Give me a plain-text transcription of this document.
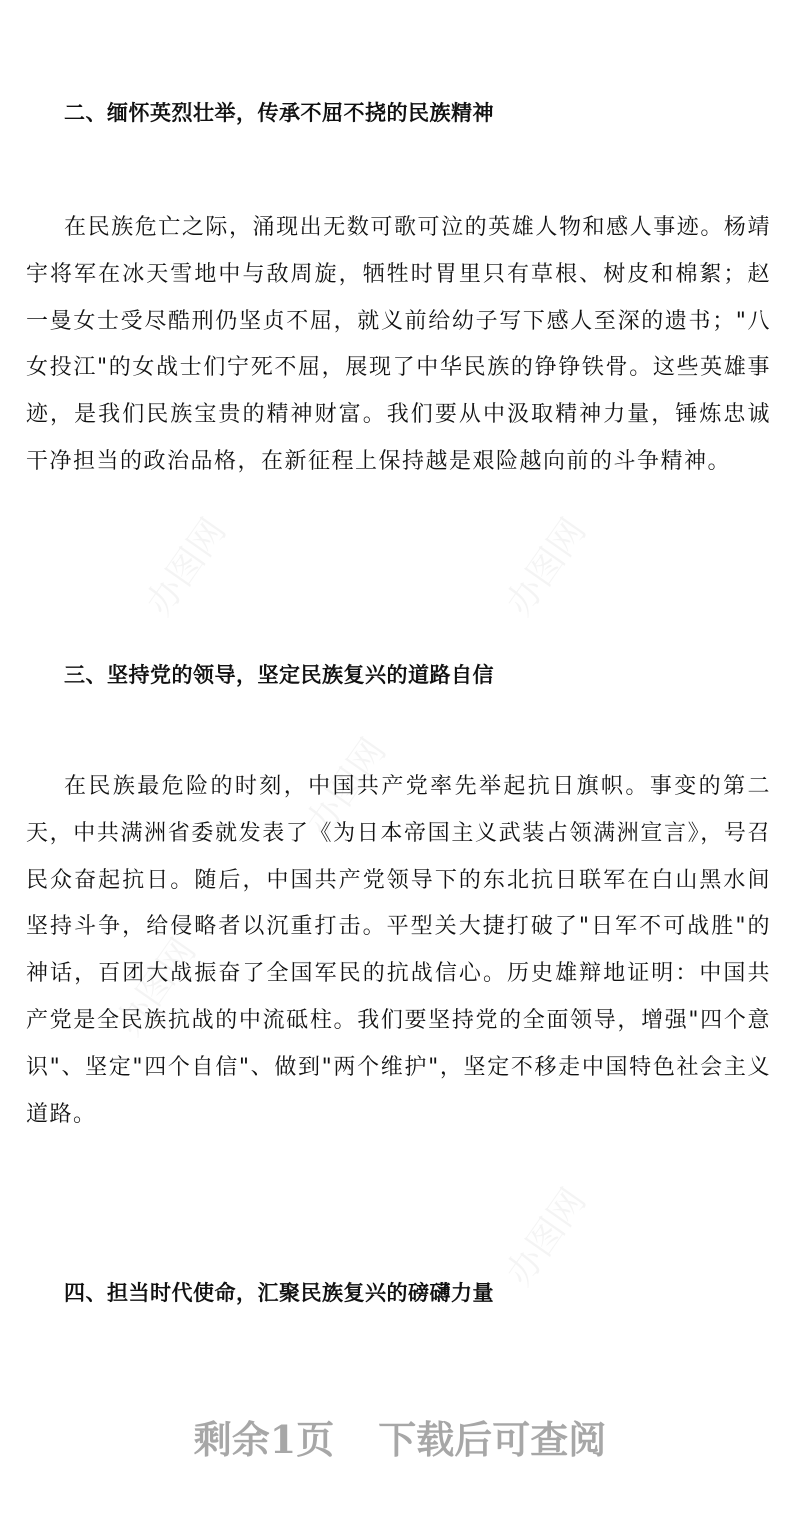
二、缅怀英烈壮举，传承不屈不挠的民族精神

在民族危亡之际，涌现出无数可歌可泣的英雄人物和感人事迹。杨靖宇将军在冰天雪地中与敌周旋，牺牲时胃里只有草根、树皮和棉絮；赵一曼女士受尽酷刑仍坚贞不屈，就义前给幼子写下感人至深的遗书；"八女投江"的女战士们宁死不屈，展现了中华民族的铮铮铁骨。这些英雄事迹，是我们民族宝贵的精神财富。我们要从中汲取精神力量，锤炼忠诚干净担当的政治品格，在新征程上保持越是艰险越向前的斗争精神。

三、坚持党的领导，坚定民族复兴的道路自信

在民族最危险的时刻，中国共产党率先举起抗日旗帜。事变的第二天，中共满洲省委就发表了《为日本帝国主义武装占领满洲宣言》，号召民众奋起抗日。随后，中国共产党领导下的东北抗日联军在白山黑水间坚持斗争，给侵略者以沉重打击。平型关大捷打破了"日军不可战胜"的神话，百团大战振奋了全国军民的抗战信心。历史雄辩地证明：中国共产党是全民族抗战的中流砥柱。我们要坚持党的全面领导，增强"四个意识"、坚定"四个自信"、做到"两个维护"，坚定不移走中国特色社会主义道路。

四、担当时代使命，汇聚民族复兴的磅礴力量
剩余1页 下载后可查阅
